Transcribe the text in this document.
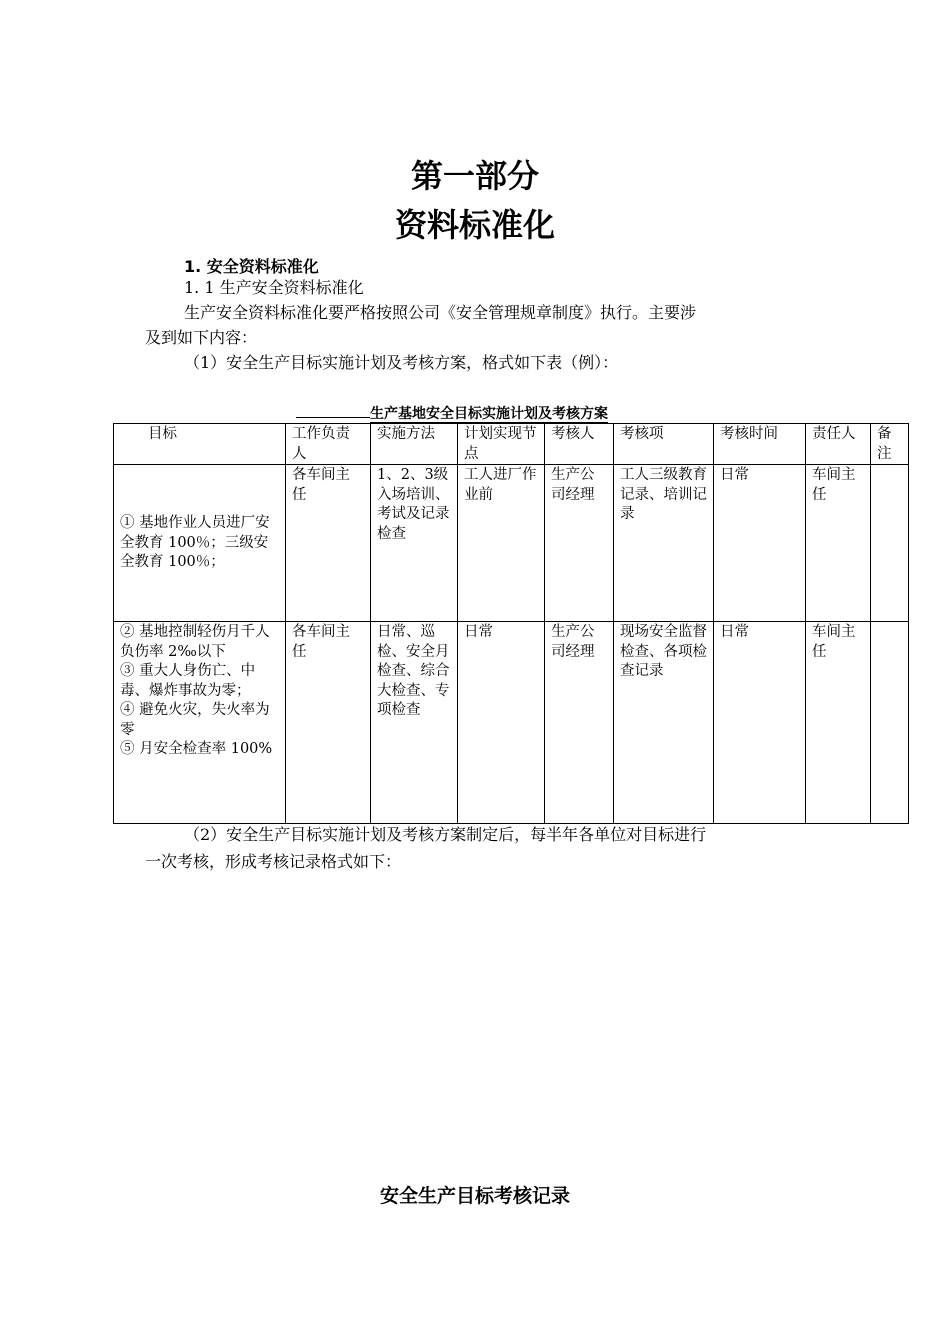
第一部分
资料标准化
1. 安全资料标准化
1. 1 生产安全资料标准化
生产安全资料标准化要严格按照公司《安全管理规章制度》执行。主要涉
及到如下内容：
（1）安全生产目标实施计划及考核方案，格式如下表（例）：
生产基地安全目标实施计划及考核方案
目标	工作负责人	实施方法	计划实现节点	考核人	考核项	考核时间	责任人	备注

① 基地作业人员进厂安全教育 100％；三级安全教育 100％；	各车间主任	1、2、3级入场培训、考试及记录检查	工人进厂作业前	生产公司经理	工人三级教育记录、培训记录	日常	车间主任	

② 基地控制轻伤月千人负伤率 2‰以下
③ 重大人身伤亡、中毒、爆炸事故为零；
④ 避免火灾，失火率为零
⑤ 月安全检查率 100%	各车间主任	日常、巡检、安全月检查、综合大检查、专项检查	日常	生产公司经理	现场安全监督检查、各项检查记录	日常	车间主任	
（2）安全生产目标实施计划及考核方案制定后，每半年各单位对目标进行
一次考核，形成考核记录格式如下：
安全生产目标考核记录
